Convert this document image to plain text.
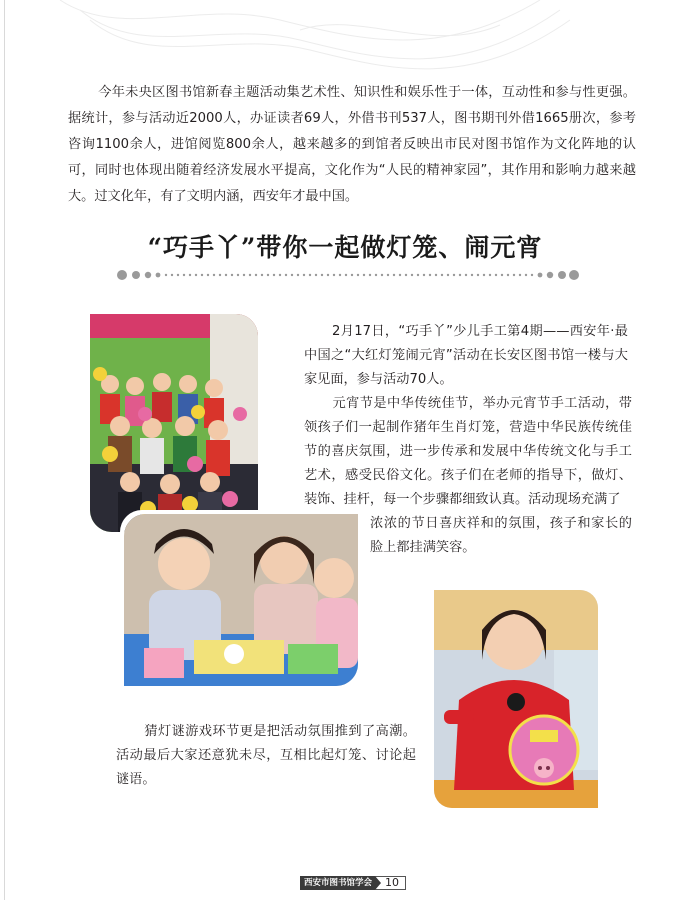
今年未央区图书馆新春主题活动集艺术性、知识性和娱乐性于一体，互动性和参与性更强。据统计，参与活动近2000人，办证读者69人，外借书刊537人，图书期刊外借1665册次，参考咨询1100余人，进馆阅览800余人，越来越多的到馆者反映出市民对图书馆作为文化阵地的认可，同时也体现出随着经济发展水平提高，文化作为“人民的精神家园”，其作用和影响力越来越大。过文化年，有了文明内涵，西安年才最中国。

“巧手丫”带你一起做灯笼、闹元宵

2月17日，“巧手丫”少儿手工第4期——西安年·最中国之“大红灯笼闹元宵”活动在长安区图书馆一楼与大家见面，参与活动70人。

元宵节是中华传统佳节，举办元宵节手工活动，带领孩子们一起制作猪年生肖灯笼，营造中华民族传统佳节的喜庆氛围，进一步传承和发展中华传统文化与手工艺术，感受民俗文化。孩子们在老师的指导下，做灯、装饰、挂杆，每一个步骤都细致认真。活动现场充满了

浓浓的节日喜庆祥和的氛围，孩子和家长的脸上都挂满笑容。

猜灯谜游戏环节更是把活动氛围推到了高潮。活动最后大家还意犹未尽，互相比起灯笼、讨论起谜语。

西安市图书馆学会	10
